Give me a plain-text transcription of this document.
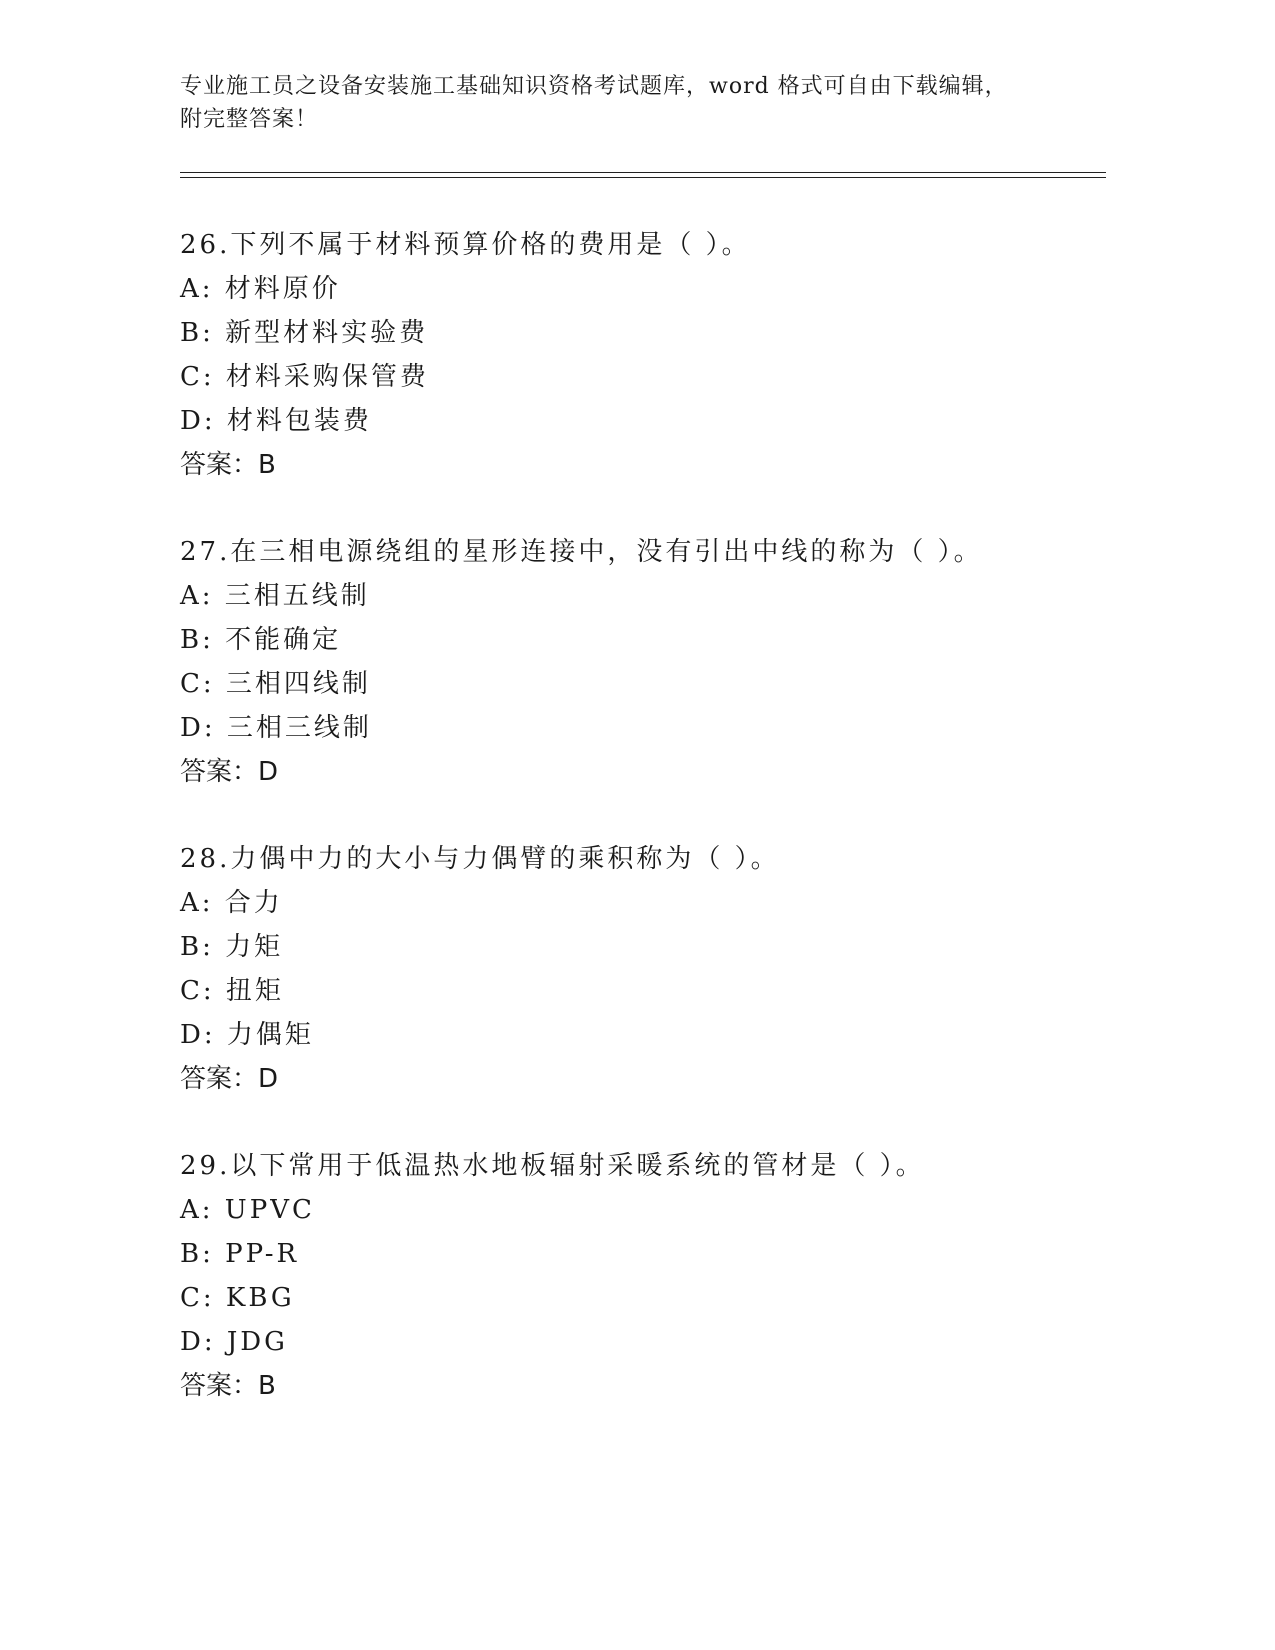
专业施工员之设备安装施工基础知识资格考试题库，word 格式可自由下载编辑，
附完整答案！
26.下列不属于材料预算价格的费用是（ ）。
A: 材料原价
B: 新型材料实验费
C: 材料采购保管费
D: 材料包装费
答案：B
27.在三相电源绕组的星形连接中，没有引出中线的称为（ ）。
A: 三相五线制
B: 不能确定
C: 三相四线制
D: 三相三线制
答案：D
28.力偶中力的大小与力偶臂的乘积称为（ ）。
A: 合力
B: 力矩
C: 扭矩
D: 力偶矩
答案：D
29.以下常用于低温热水地板辐射采暖系统的管材是（ ）。
A: UPVC
B: PP-R
C: KBG
D: JDG
答案：B
